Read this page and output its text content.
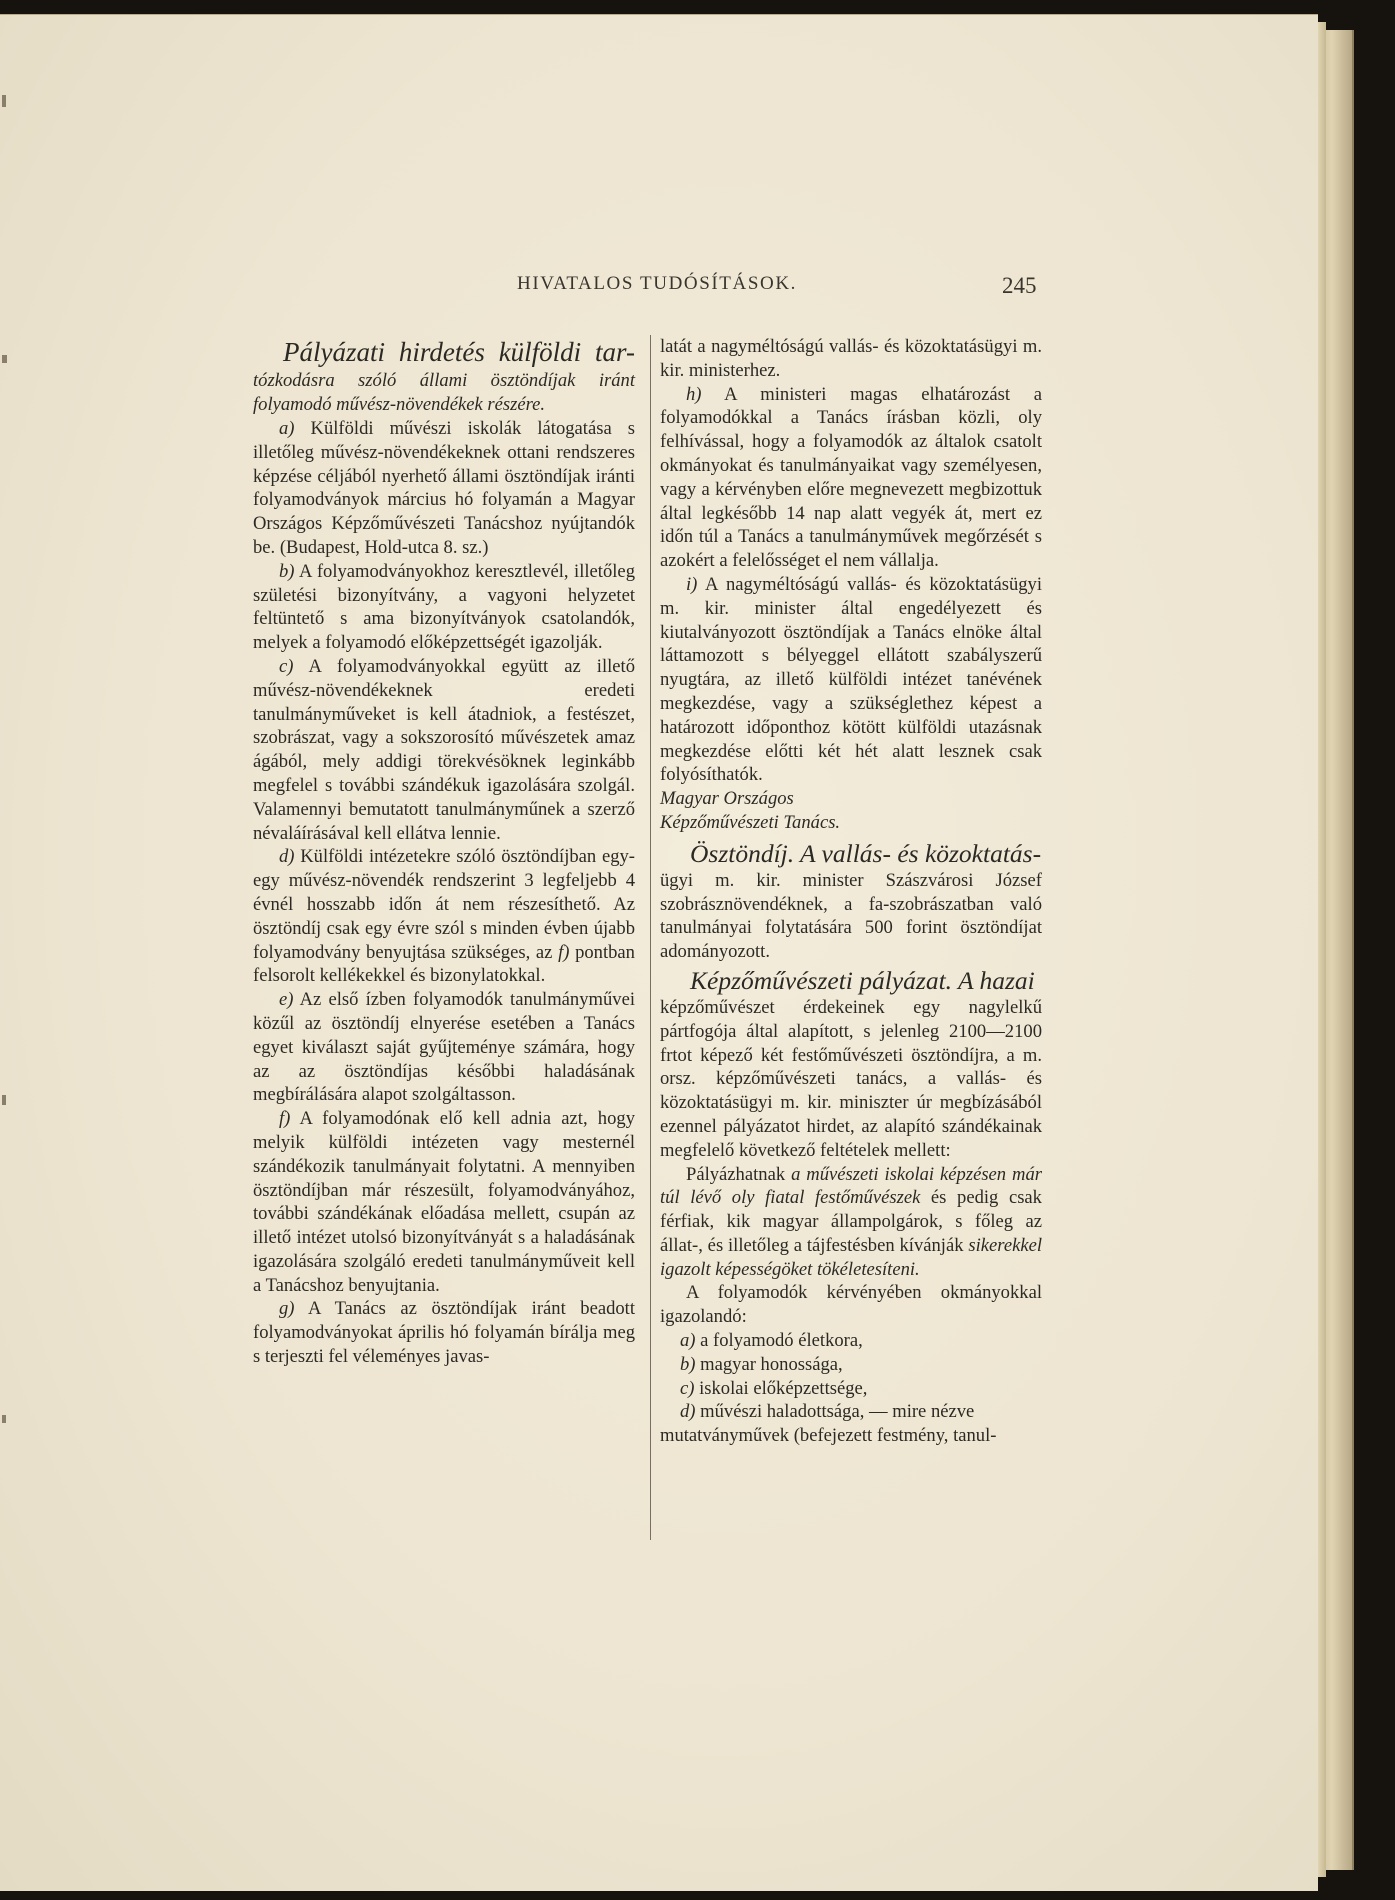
HIVATALOS TUDÓSÍTÁSOK.	245

Pályázati hirdetés külföldi tar-

tózkodásra szóló állami ösztöndíjak iránt

folyamodó művész-növendékek részére.

a) Külföldi művészi iskolák látogatása s illetőleg művész-növendékeknek ottani rendszeres képzése céljából nyerhető állami ösztöndíjak iránti folyamodványok március hó folyamán a Magyar Országos Képzőművészeti Tanácshoz nyújtandók be. (Budapest, Hold-utca 8. sz.)

b) A folyamodványokhoz keresztlevél, illetőleg születési bizonyítvány, a vagyoni helyzetet feltüntető s ama bizonyítványok csatolandók, melyek a folyamodó előképzettségét igazolják.

c) A folyamodványokkal együtt az illető művész-növendékeknek eredeti tanulmányműveket is kell átadniok, a festészet, szobrászat, vagy a sokszorosító művészetek amaz ágából, mely addigi törekvésöknek leginkább megfelel s további szándékuk igazolására szolgál. Valamennyi bemutatott tanulmányműnek a szerző névaláírásával kell ellátva lennie.

d) Külföldi intézetekre szóló ösztöndíjban egy-egy művész-növendék rendszerint 3 legfeljebb 4 évnél hosszabb időn át nem részesíthető. Az ösztöndíj csak egy évre szól s minden évben újabb folyamodvány benyujtása szükséges, az f) pontban felsorolt kellékekkel és bizonylatokkal.

e) Az első ízben folyamodók tanulmányművei közűl az ösztöndíj elnyerése esetében a Tanács egyet kiválaszt saját gyűjteménye számára, hogy az az ösztöndíjas későbbi haladásának megbírálására alapot szolgáltasson.

f) A folyamodónak elő kell adnia azt, hogy melyik külföldi intézeten vagy mesternél szándékozik tanulmányait folytatni. A mennyiben ösztöndíjban már részesült, folyamodványához, további szándékának előadása mellett, csupán az illető intézet utolsó bizonyítványát s a haladásának igazolására szolgáló eredeti tanulmányműveit kell a Tanácshoz benyujtania.

g) A Tanács az ösztöndíjak iránt beadott folyamodványokat április hó folyamán bírálja meg s terjeszti fel véleményes javas-

latát a nagyméltóságú vallás- és közoktatásügyi m. kir. ministerhez.

h) A ministeri magas elhatározást a folyamodókkal a Tanács írásban közli, oly felhívással, hogy a folyamodók az általok csatolt okmányokat és tanulmányaikat vagy személyesen, vagy a kérvényben előre megnevezett megbizottuk által legkésőbb 14 nap alatt vegyék át, mert ez időn túl a Tanács a tanulmányművek megőrzését s azokért a felelősséget el nem vállalja.

i) A nagyméltóságú vallás- és közoktatásügyi m. kir. minister által engedélyezett és kiutalványozott ösztöndíjak a Tanács elnöke által láttamozott s bélyeggel ellátott szabályszerű nyugtára, az illető külföldi intézet tanévének megkezdése, vagy a szükséglethez képest a határozott időponthoz kötött külföldi utazásnak megkezdése előtti két hét alatt lesznek csak folyósíthatók.

Magyar Országos

Képzőművészeti Tanács.

Ösztöndíj. A vallás- és közoktatás-

ügyi m. kir. minister Szászvárosi József szobrásznövendéknek, a fa-szobrászatban való tanulmányai folytatására 500 forint ösztöndíjat adományozott.

Képzőművészeti pályázat. A hazai

képzőművészet érdekeinek egy nagylelkű pártfogója által alapított, s jelenleg 2100—2100 frtot képező két festőművészeti ösztöndíjra, a m. orsz. képzőművészeti tanács, a vallás- és közoktatásügyi m. kir. miniszter úr megbízásából ezennel pályázatot hirdet, az alapító szándékainak megfelelő következő feltételek mellett:

Pályázhatnak a művészeti iskolai képzésen már túl lévő oly fiatal festőművészek és pedig csak férfiak, kik magyar állampolgárok, s főleg az állat-, és illetőleg a tájfestésben kívánják sikerekkel igazolt képességöket tökéletesíteni.

A folyamodók kérvényében okmányokkal igazolandó:

a) a folyamodó életkora,

b) magyar honossága,

c) iskolai előképzettsége,

d) művészi haladottsága, — mire nézve

mutatványművek (befejezett festmény, tanul-
